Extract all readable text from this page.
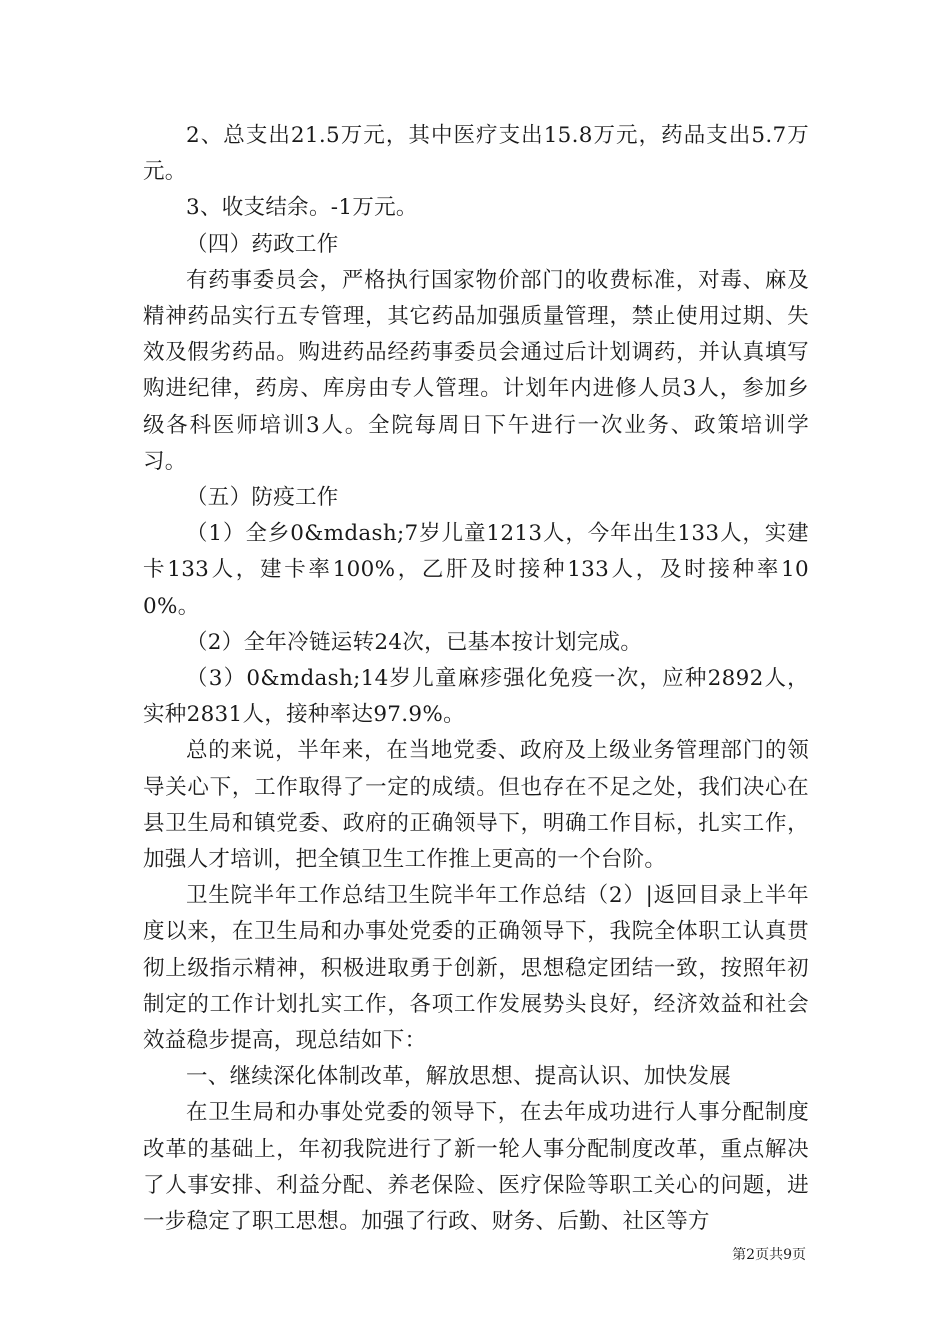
2、总支出21.5万元，其中医疗支出15.8万元，药品支出5.7万元。

3、收支结余。-1万元。

（四）药政工作

有药事委员会，严格执行国家物价部门的收费标准，对毒、麻及精神药品实行五专管理，其它药品加强质量管理，禁止使用过期、失效及假劣药品。购进药品经药事委员会通过后计划调药，并认真填写购进纪律，药房、库房由专人管理。计划年内进修人员3人，参加乡级各科医师培训3人。全院每周日下午进行一次业务、政策培训学习。

（五）防疫工作

（1）全乡0&mdash;7岁儿童1213人，今年出生133人，实建卡133人，建卡率100%，乙肝及时接种133人，及时接种率100%。

（2）全年冷链运转24次，已基本按计划完成。

（3）0&mdash;14岁儿童麻疹强化免疫一次，应种2892人，实种2831人，接种率达97.9%。

总的来说，半年来，在当地党委、政府及上级业务管理部门的领导关心下，工作取得了一定的成绩。但也存在不足之处，我们决心在县卫生局和镇党委、政府的正确领导下，明确工作目标，扎实工作，加强人才培训，把全镇卫生工作推上更高的一个台阶。

卫生院半年工作总结卫生院半年工作总结（2）|返回目录上半年度以来，在卫生局和办事处党委的正确领导下，我院全体职工认真贯彻上级指示精神，积极进取勇于创新，思想稳定团结一致，按照年初制定的工作计划扎实工作，各项工作发展势头良好，经济效益和社会效益稳步提高，现总结如下：

一、继续深化体制改革，解放思想、提高认识、加快发展

在卫生局和办事处党委的领导下，在去年成功进行人事分配制度改革的基础上，年初我院进行了新一轮人事分配制度改革，重点解决了人事安排、利益分配、养老保险、医疗保险等职工关心的问题，进一步稳定了职工思想。加强了行政、财务、后勤、社区等方

第2页共9页
